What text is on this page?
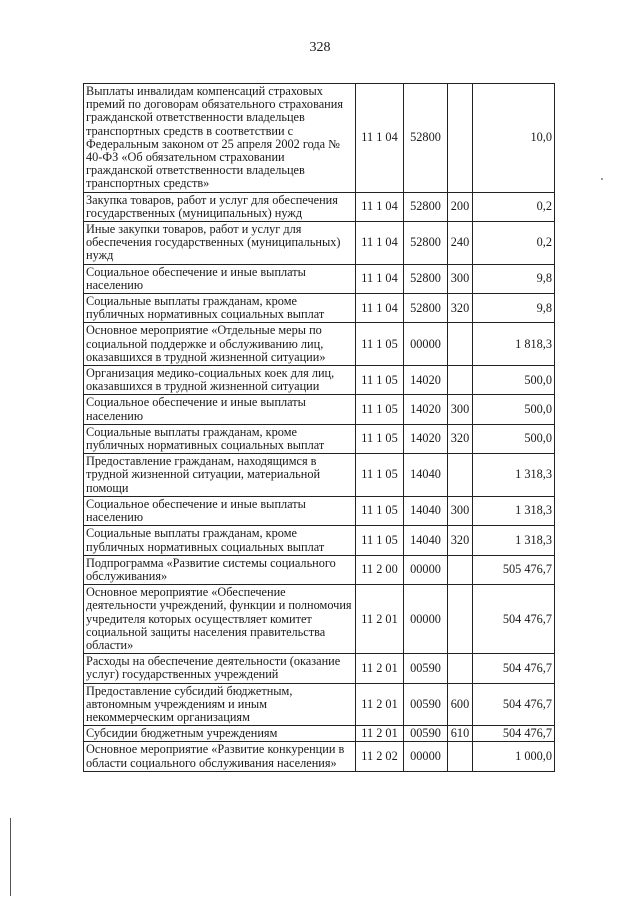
328
Выплаты инвалидам компенсаций страховых премий по договорам обязательного страхования гражданской ответственности владельцев транспортных средств в соответствии с Федеральным законом от 25 апреля 2002 года № 40-ФЗ «Об обязательном страховании гражданской ответственности владельцев транспортных средств»	11 1 04	52800		10,0
Закупка товаров, работ и услуг для обеспечения государственных (муниципальных) нужд	11 1 04	52800	200	0,2
Иные закупки товаров, работ и услуг для обеспечения государственных (муниципальных) нужд	11 1 04	52800	240	0,2
Социальное обеспечение и иные выплаты населению	11 1 04	52800	300	9,8
Социальные выплаты гражданам, кроме публичных нормативных социальных выплат	11 1 04	52800	320	9,8
Основное мероприятие «Отдельные меры по социальной поддержке и обслуживанию лиц, оказавшихся в трудной жизненной ситуации»	11 1 05	00000		1 818,3
Организация медико-социальных коек для лиц, оказавшихся в трудной жизненной ситуации	11 1 05	14020		500,0
Социальное обеспечение и иные выплаты населению	11 1 05	14020	300	500,0
Социальные выплаты гражданам, кроме публичных нормативных социальных выплат	11 1 05	14020	320	500,0
Предоставление гражданам, находящимся в трудной жизненной ситуации, материальной помощи	11 1 05	14040		1 318,3
Социальное обеспечение и иные выплаты населению	11 1 05	14040	300	1 318,3
Социальные выплаты гражданам, кроме публичных нормативных социальных выплат	11 1 05	14040	320	1 318,3
Подпрограмма «Развитие системы социального обслуживания»	11 2 00	00000		505 476,7
Основное мероприятие «Обеспечение деятельности учреждений, функции и полномочия учредителя которых осуществляет комитет социальной защиты населения правительства области»	11 2 01	00000		504 476,7
Расходы на обеспечение деятельности (оказание услуг) государственных учреждений	11 2 01	00590		504 476,7
Предоставление субсидий бюджетным, автономным учреждениям и иным некоммерческим организациям	11 2 01	00590	600	504 476,7
Субсидии бюджетным учреждениям	11 2 01	00590	610	504 476,7
Основное мероприятие «Развитие конкуренции в области социального обслуживания населения»	11 2 02	00000		1 000,0
